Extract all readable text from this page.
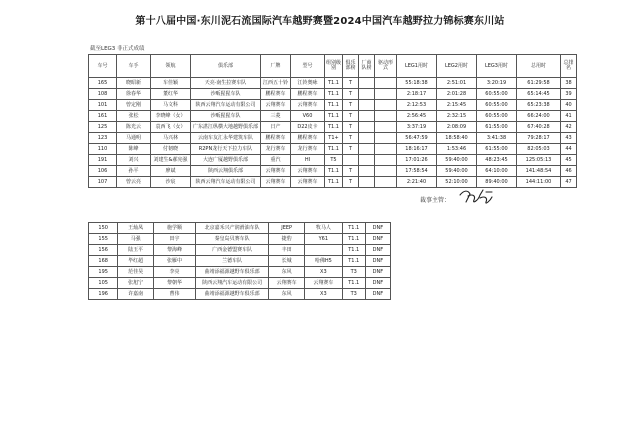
第十八届中国·东川泥石流国际汽车越野赛暨2024中国汽车越野拉力锦标赛东川站
截至LEG3 非正式成绩
车号	车手	领航	俱乐部	厂牌	型号	组别级别	俱乐部榜	厂商队榜	驱动形式	LEG1用时	LEG2用时	LEG3用时	总用时	总排名
165	晓昭新	车佳颖	天亮·南生拉赛车队	江西五十铃	江铃奥咏	T1.1	T			55:18:38	2:51:01	3:20:19	61:29:58	38
108	徐春华	董红华	沙畈猩猩车队	鹏程赛车	鹏程赛车	T1.1	T			2:18:17	2:01:28	60:55:00	65:14:45	39
101	曾定刚	马文科	陕西云翔汽车运动有限公司	云翔赛车	云翔赛车	T1.1	T			2:12:53	2:15:45	60:55:00	65:23:38	40
161	张松	李晓峰（女）	沙畈猩猩车队	三菱	V60	T1.1	T			2:56:45	2:32:15	60:55:00	66:24:00	41
125	陈光云	袁西飞（女）	广东湛江纵横大地越野俱乐部	日产	D22皮卡	T1.1	T			3:37:19	2:08:09	61:55:00	67:40:28	42
123	马通明	马兴林	云南车友汇永华建筑车队	鹏程赛车	鹏程赛车	T1+	T			56:47:59	18:58:40	3:41:38	79:28:17	43
110	陈峰	付韧晓	R2PN龙行天下拉力车队	龙行赛车	龙行赛车	T1.1	T			18:16:17	1:53:46	61:55:00	82:05:03	44
191	刘兴	刘建生&郝宪强	大连广厦越野俱乐部	重汽	HI	T5				17:01:26	59:40:00	48:23:45	125:05:13	45
106	孙平	廖斌	陕西云翔俱乐部	云翔赛车	云翔赛车	T1.1	T			17:58:54	59:40:00	64:10:00	141:48:54	46
107	曾云亮	沙宸	陕西云翔汽车运动有限公司	云翔赛车	云翔赛车	T1.1	T			2:21:40	52:10:00	89:40:00	144:11:00	47
裁事主管：
150	王灿凤	施学顺	北京嘉禾兴产润滑油车队	JEEP	牧马人	T1.1	DNF
155	马强	田宇	秦皇岛贝赛车队	捷豹	Y61	T1.1	DNF
156	陆玉平	黎海峰	广西金德盟赛车队	丰田		T1.1	DNF
168	毕红超	张雁中	兰德车队	长城	哈佛H5	T1.1	DNF
195	范佳昊	李亮	曲靖添福源越野车俱乐部	东风	X3	T3	DNF
105	张旭宁	黎朝华	陕西云翔汽车运动有限公司	云翔赛车	云翔赛车	T1.1	DNF
196	许嘉南	曹伟	曲靖添福源越野车俱乐部	东风	X3	T3	DNF
